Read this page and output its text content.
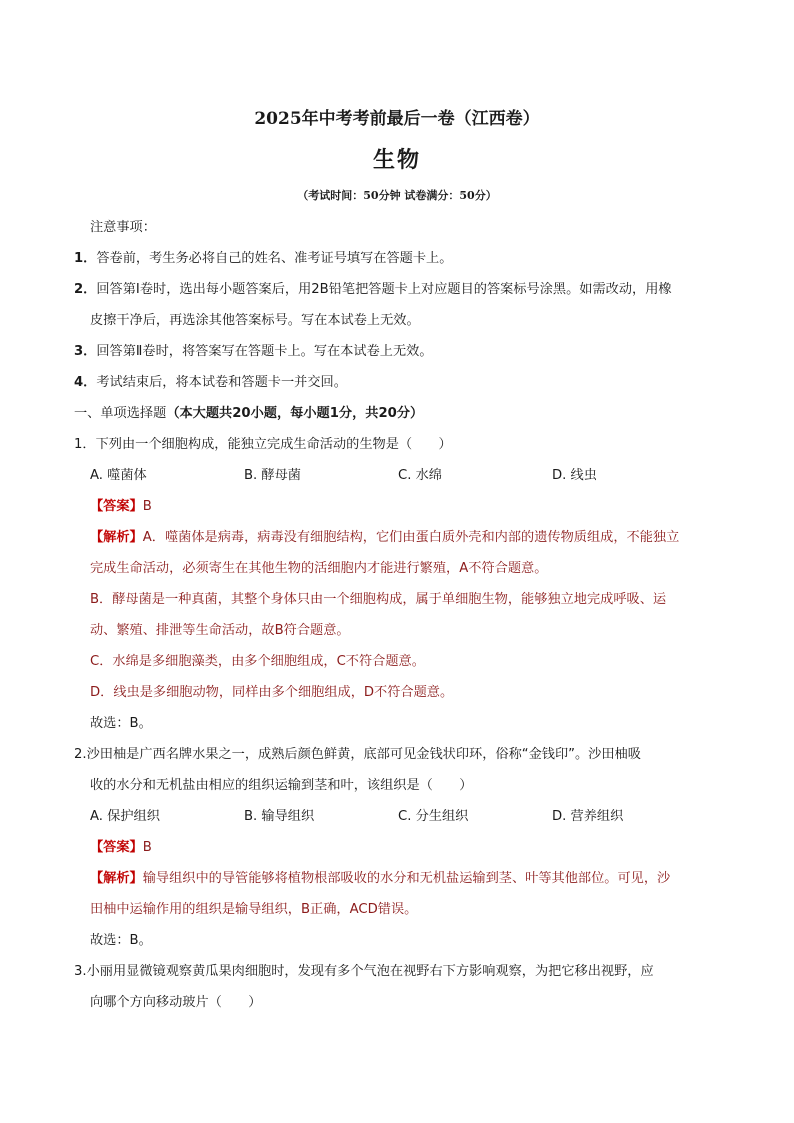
2025年中考考前最后一卷（江西卷）
生物
（考试时间：50分钟 试卷满分：50分）
注意事项：
1．答卷前，考生务必将自己的姓名、准考证号填写在答题卡上。
2．回答第Ⅰ卷时，选出每小题答案后，用2B铅笔把答题卡上对应题目的答案标号涂黑。如需改动，用橡
皮擦干净后，再选涂其他答案标号。写在本试卷上无效。
3．回答第Ⅱ卷时，将答案写在答题卡上。写在本试卷上无效。
4．考试结束后，将本试卷和答题卡一并交回。
一、单项选择题（本大题共20小题，每小题1分，共20分）
1．下列由一个细胞构成，能独立完成生命活动的生物是（　　）
A. 噬菌体	B. 酵母菌	C. 水绵	D. 线虫
【答案】B
【解析】A．噬菌体是病毒，病毒没有细胞结构，它们由蛋白质外壳和内部的遗传物质组成，不能独立
完成生命活动，必须寄生在其他生物的活细胞内才能进行繁殖，A不符合题意。
B．酵母菌是一种真菌，其整个身体只由一个细胞构成，属于单细胞生物，能够独立地完成呼吸、运
动、繁殖、排泄等生命活动，故B符合题意。
C．水绵是多细胞藻类，由多个细胞组成，C不符合题意。
D．线虫是多细胞动物，同样由多个细胞组成，D不符合题意。
故选：B。
2.沙田柚是广西名牌水果之一，成熟后颜色鲜黄，底部可见金钱状印环，俗称“金钱印”。沙田柚吸
收的水分和无机盐由相应的组织运输到茎和叶，该组织是（　　）
A. 保护组织	B. 输导组织	C. 分生组织	D. 营养组织
【答案】B
【解析】输导组织中的导管能够将植物根部吸收的水分和无机盐运输到茎、叶等其他部位。可见，沙
田柚中运输作用的组织是输导组织，B正确，ACD错误。
故选：B。
3.小丽用显微镜观察黄瓜果肉细胞时，发现有多个气泡在视野右下方影响观察，为把它移出视野，应
向哪个方向移动玻片（　　）
